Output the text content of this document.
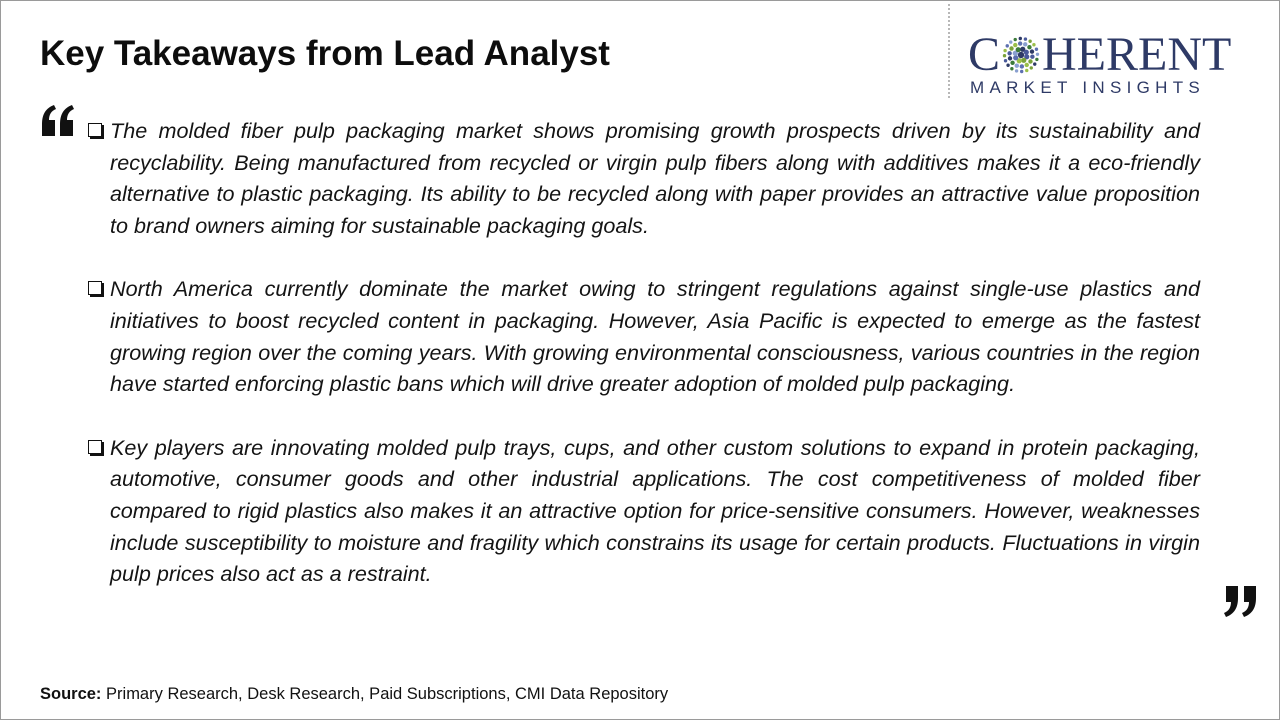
Key Takeaways from Lead Analyst	C HERENT
MARKET INSIGHTS
The molded fiber pulp packaging market shows promising growth prospects driven by its sustainability and recyclability. Being manufactured from recycled or virgin pulp fibers along with additives makes it a eco-friendly alternative to plastic packaging. Its ability to be recycled along with paper provides an attractive value proposition to brand owners aiming for sustainable packaging goals.
North America currently dominate the market owing to stringent regulations against single-use plastics and initiatives to boost recycled content in packaging. However, Asia Pacific is expected to emerge as the fastest growing region over the coming years. With growing environmental consciousness, various countries in the region have started enforcing plastic bans which will drive greater adoption of molded pulp packaging.
Key players are innovating molded pulp trays, cups, and other custom solutions to expand in protein packaging, automotive, consumer goods and other industrial applications. The cost competitiveness of molded fiber compared to rigid plastics also makes it an attractive option for price-sensitive consumers. However, weaknesses include susceptibility to moisture and fragility which constrains its usage for certain products. Fluctuations in virgin pulp prices also act as a restraint.
Source: Primary Research, Desk Research, Paid Subscriptions, CMI Data Repository
